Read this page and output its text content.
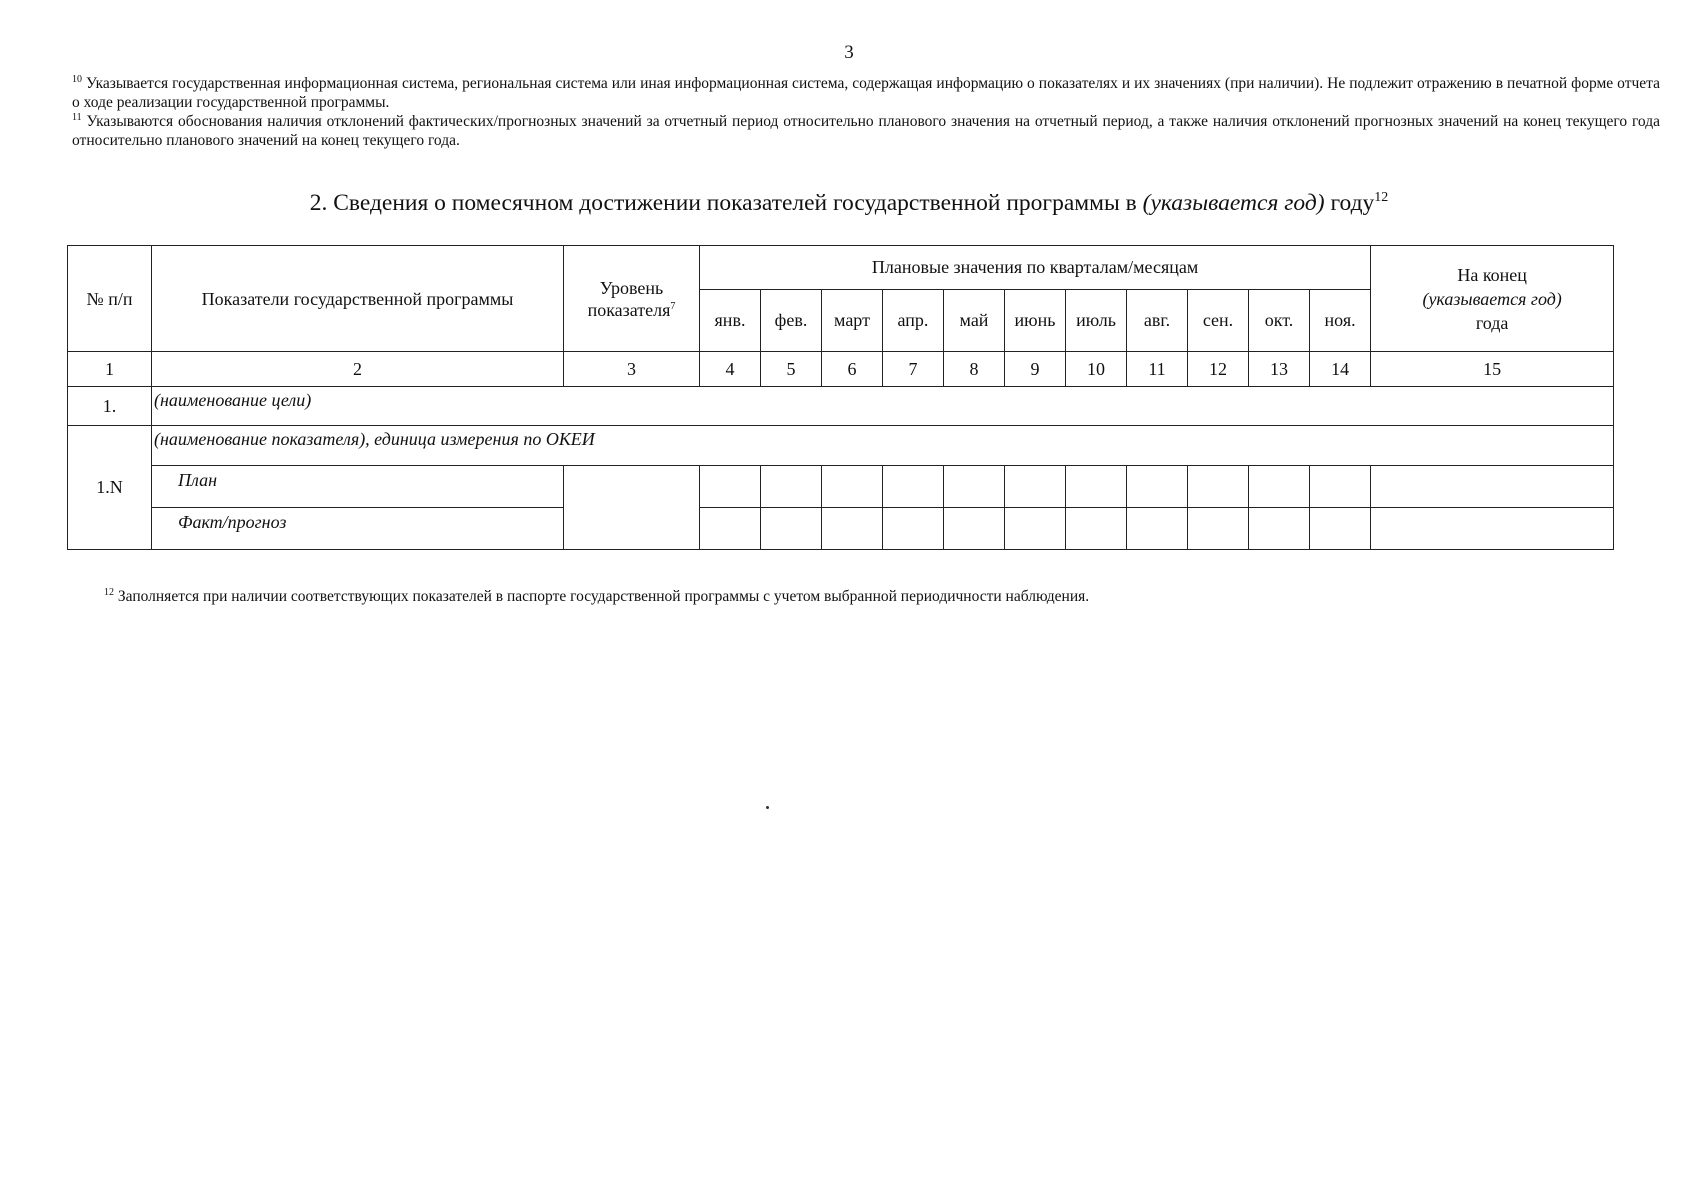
3

$^{10}$ Указывается государственная информационная система, региональная система или иная информационная система, содержащая информацию о показателях и их значениях (при наличии). Не подлежит отражению в печатной форме отчета о ходе реализации государственной программы.

$^{11}$ Указываются обоснования наличия отклонений фактических/прогнозных значений за отчетный период относительно планового значения на отчетный период, а также наличия отклонений прогнозных значений на конец текущего года относительно планового значений на конец текущего года.

2. Сведения о помесячном достижении показателей государственной программы в (указывается год) году$^{12}$
№ п/п	Показатели государственной программы	Уровень показателя$^7$	Плановые значения по кварталам/месяцам											На конец
(указывается год)
года
			янв.	фев.	март	апр.	май	июнь	июль	авг.	сен.	окт.	ноя.	
1	2	3	4	5	6	7	8	9	10	11	12	13	14	15
1.	(наименование цели)													
1.N	(наименование показателя), единица измерения по ОКЕИ													
	План													
	Факт/прогноз													
$^{12}$ Заполняется при наличии соответствующих показателей в паспорте государственной программы с учетом выбранной периодичности наблюдения.
